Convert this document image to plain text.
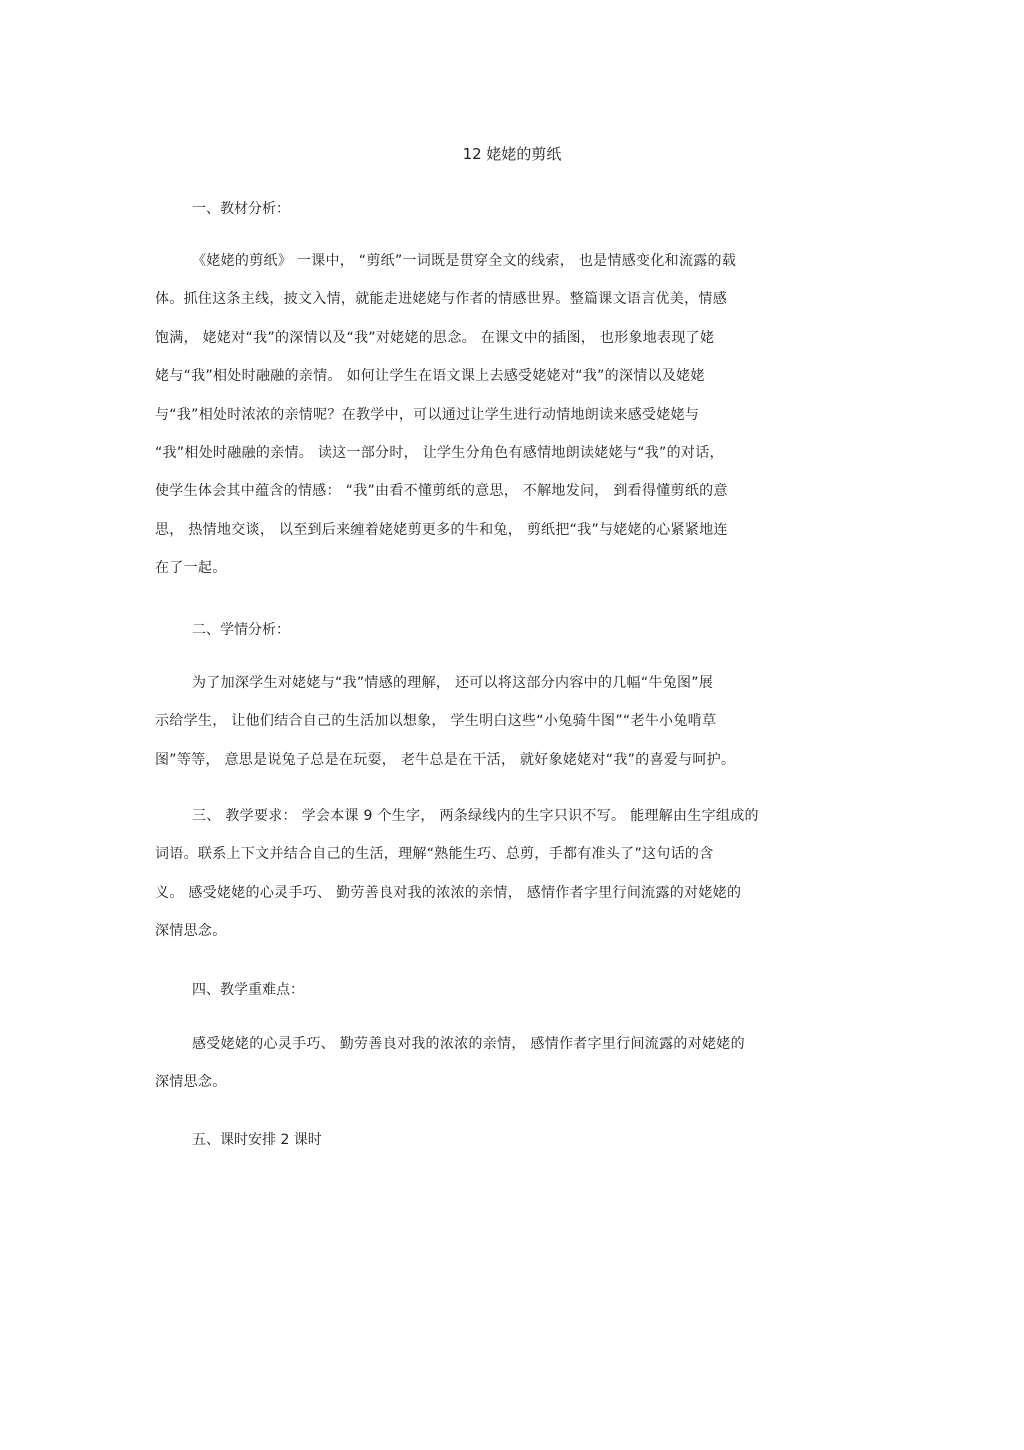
12 姥姥的剪纸
一、教材分析：
《姥姥的剪纸》 一课中， “剪纸”一词既是贯穿全文的线索， 也是情感变化和流露的载
体。抓住这条主线，披文入情，就能走进姥姥与作者的情感世界。整篇课文语言优美，情感
饱满， 姥姥对“我”的深情以及“我”对姥姥的思念。 在课文中的插图， 也形象地表现了姥
姥与“我”相处时融融的亲情。 如何让学生在语文课上去感受姥姥对“我”的深情以及姥姥
与“我”相处时浓浓的亲情呢？在教学中，可以通过让学生进行动情地朗读来感受姥姥与
“我”相处时融融的亲情。 读这一部分时， 让学生分角色有感情地朗读姥姥与“我”的对话，
使学生体会其中蕴含的情感： “我”由看不懂剪纸的意思， 不解地发问， 到看得懂剪纸的意
思， 热情地交谈， 以至到后来缠着姥姥剪更多的牛和兔， 剪纸把“我”与姥姥的心紧紧地连
在了一起。
二、学情分析：
为了加深学生对姥姥与“我”情感的理解， 还可以将这部分内容中的几幅“牛兔图”展
示给学生， 让他们结合自己的生活加以想象， 学生明白这些“小兔骑牛图”“老牛小兔啃草
图”等等， 意思是说兔子总是在玩耍， 老牛总是在干活， 就好象姥姥对“我”的喜爱与呵护。
三、 教学要求： 学会本课 9 个生字， 两条绿线内的生字只识不写。 能理解由生字组成的
词语。联系上下文并结合自己的生活，理解“熟能生巧、总剪，手都有准头了”这句话的含
义。 感受姥姥的心灵手巧、 勤劳善良对我的浓浓的亲情， 感情作者字里行间流露的对姥姥的
深情思念。
四、教学重难点：
感受姥姥的心灵手巧、 勤劳善良对我的浓浓的亲情， 感情作者字里行间流露的对姥姥的
深情思念。
五、课时安排 2 课时
